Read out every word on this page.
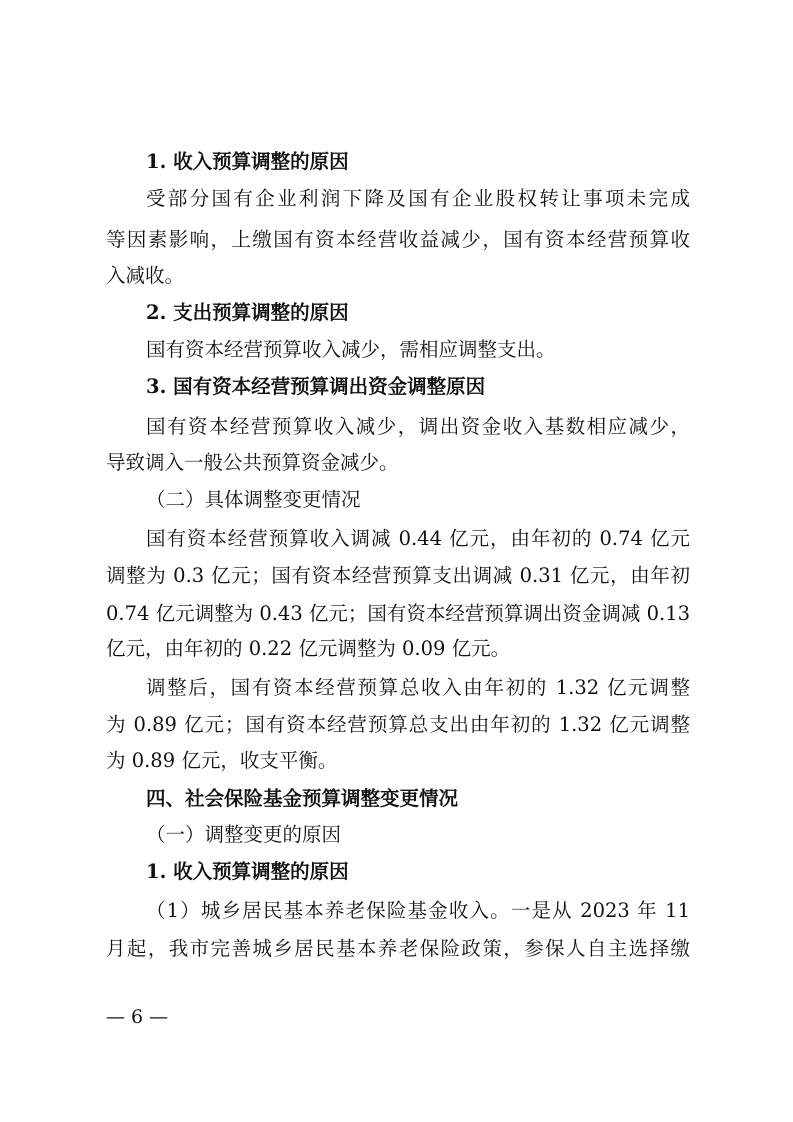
1. 收入预算调整的原因
受部分国有企业利润下降及国有企业股权转让事项未完成
等因素影响，上缴国有资本经营收益减少，国有资本经营预算收
入减收。
2. 支出预算调整的原因
国有资本经营预算收入减少，需相应调整支出。
3. 国有资本经营预算调出资金调整原因
国有资本经营预算收入减少，调出资金收入基数相应减少，
导致调入一般公共预算资金减少。
（二）具体调整变更情况
国有资本经营预算收入调减 0.44 亿元，由年初的 0.74 亿元
调整为 0.3 亿元；国有资本经营预算支出调减 0.31 亿元，由年初
0.74 亿元调整为 0.43 亿元；国有资本经营预算调出资金调减 0.13
亿元，由年初的 0.22 亿元调整为 0.09 亿元。
调整后，国有资本经营预算总收入由年初的 1.32 亿元调整
为 0.89 亿元；国有资本经营预算总支出由年初的 1.32 亿元调整
为 0.89 亿元，收支平衡。
四、社会保险基金预算调整变更情况
（一）调整变更的原因
1. 收入预算调整的原因
（1）城乡居民基本养老保险基金收入。一是从 2023 年 11
月起，我市完善城乡居民基本养老保险政策，参保人自主选择缴
— 6 —
